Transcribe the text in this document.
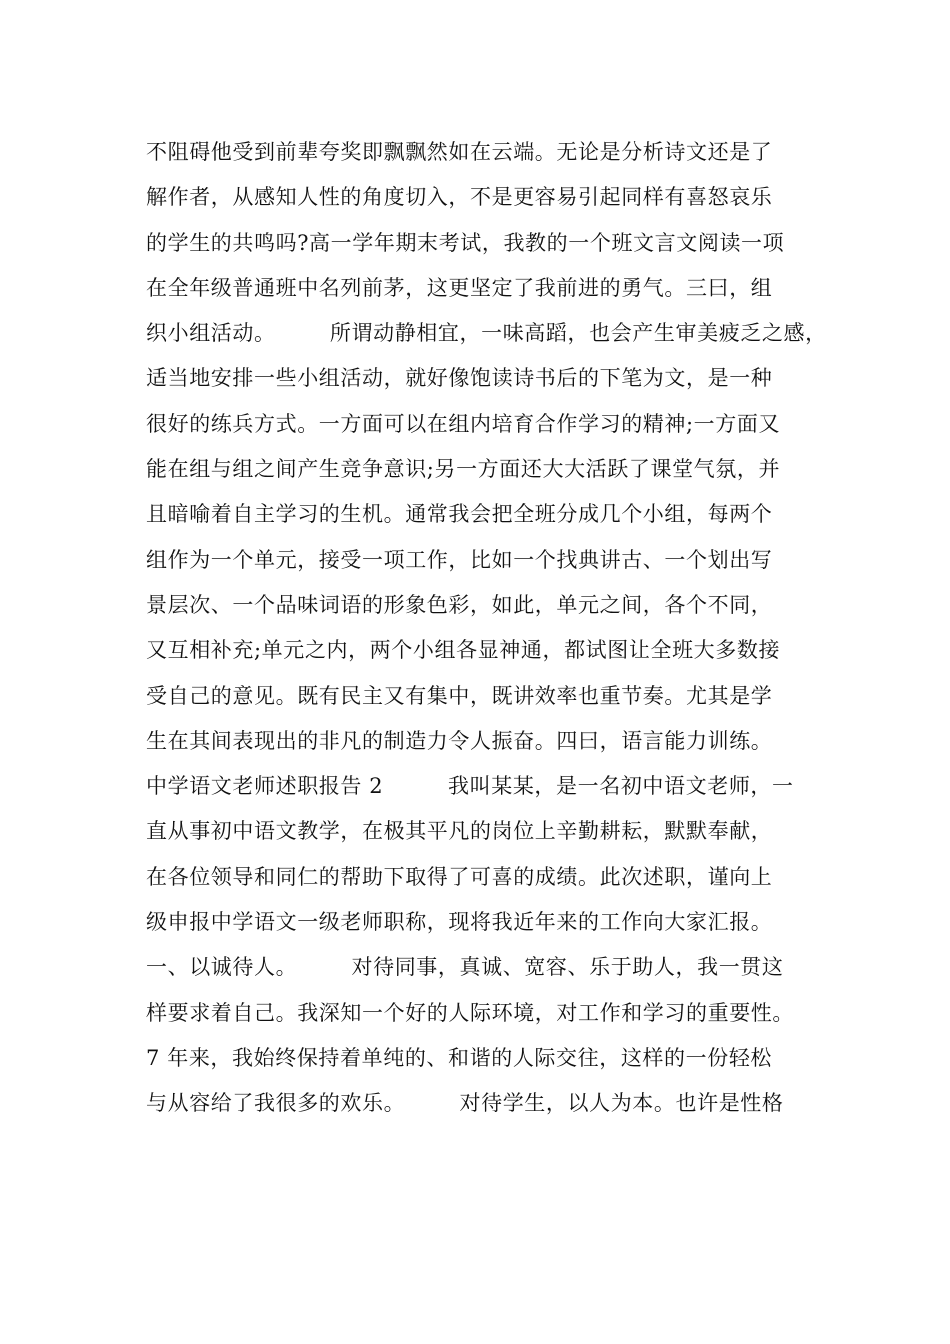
不阻碍他受到前辈夸奖即飘飘然如在云端。无论是分析诗文还是了
解作者，从感知人性的角度切入，不是更容易引起同样有喜怒哀乐
的学生的共鸣吗?高一学年期末考试，我教的一个班文言文阅读一项
在全年级普通班中名列前茅，这更坚定了我前进的勇气。三曰，组
织小组活动。　　　所谓动静相宜，一味高蹈，也会产生审美疲乏之感，
适当地安排一些小组活动，就好像饱读诗书后的下笔为文，是一种
很好的练兵方式。一方面可以在组内培育合作学习的精神;一方面又
能在组与组之间产生竞争意识;另一方面还大大活跃了课堂气氛，并
且暗喻着自主学习的生机。通常我会把全班分成几个小组，每两个
组作为一个单元，接受一项工作，比如一个找典讲古、一个划出写
景层次、一个品味词语的形象色彩，如此，单元之间，各个不同，
又互相补充;单元之内，两个小组各显神通，都试图让全班大多数接
受自己的意见。既有民主又有集中，既讲效率也重节奏。尤其是学
生在其间表现出的非凡的制造力令人振奋。四曰，语言能力训练。
中学语文老师述职报告 2　　　我叫某某，是一名初中语文老师，一
直从事初中语文教学，在极其平凡的岗位上辛勤耕耘，默默奉献，
在各位领导和同仁的帮助下取得了可喜的成绩。此次述职，谨向上
级申报中学语文一级老师职称，现将我近年来的工作向大家汇报。
一、以诚待人。　　　对待同事，真诚、宽容、乐于助人，我一贯这
样要求着自己。我深知一个好的人际环境，对工作和学习的重要性。
7 年来，我始终保持着单纯的、和谐的人际交往，这样的一份轻松
与从容给了我很多的欢乐。　　　对待学生，以人为本。也许是性格
